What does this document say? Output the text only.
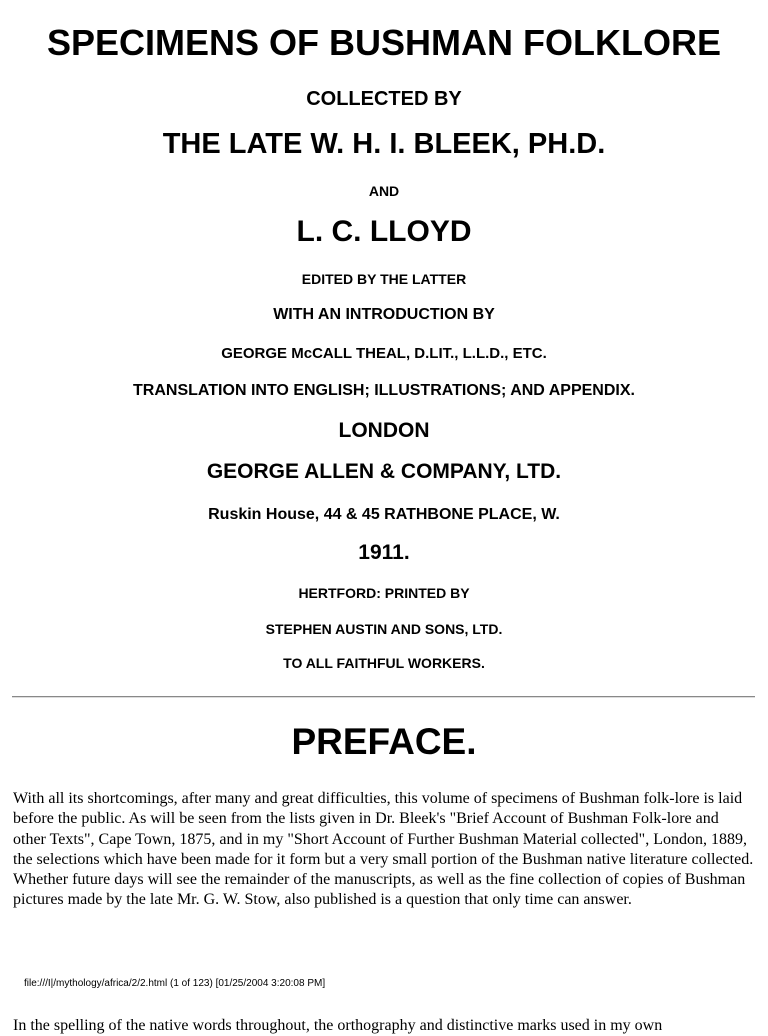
SPECIMENS OF BUSHMAN FOLKLORE
COLLECTED BY
THE LATE W. H. I. BLEEK, PH.D.
AND
L. C. LLOYD
EDITED BY THE LATTER
WITH AN INTRODUCTION BY
GEORGE McCALL THEAL, D.LIT., L.L.D., ETC.
TRANSLATION INTO ENGLISH; ILLUSTRATIONS; AND APPENDIX.
LONDON
GEORGE ALLEN & COMPANY, LTD.
Ruskin House, 44 & 45 RATHBONE PLACE, W.
1911.
HERTFORD: PRINTED BY
STEPHEN AUSTIN AND SONS, LTD.
TO ALL FAITHFUL WORKERS.
PREFACE.

With all its shortcomings, after many and great difficulties, this volume of specimens of Bushman folk-lore is laid before the public. As will be seen from the lists given in Dr. Bleek's "Brief Account of Bushman Folk-lore and other Texts", Cape Town, 1875, and in my "Short Account of Further Bushman Material collected", London, 1889, the selections which have been made for it form but a very small portion of the Bushman native literature collected. Whether future days will see the remainder of the manuscripts, as well as the fine collection of copies of Bushman pictures made by the late Mr. G. W. Stow, also published is a question that only time can answer.

file:///I|/mythology/africa/2/2.html (1 of 123) [01/25/2004 3:20:08 PM]
In the spelling of the native words throughout, the orthography and distinctive marks used in my own
